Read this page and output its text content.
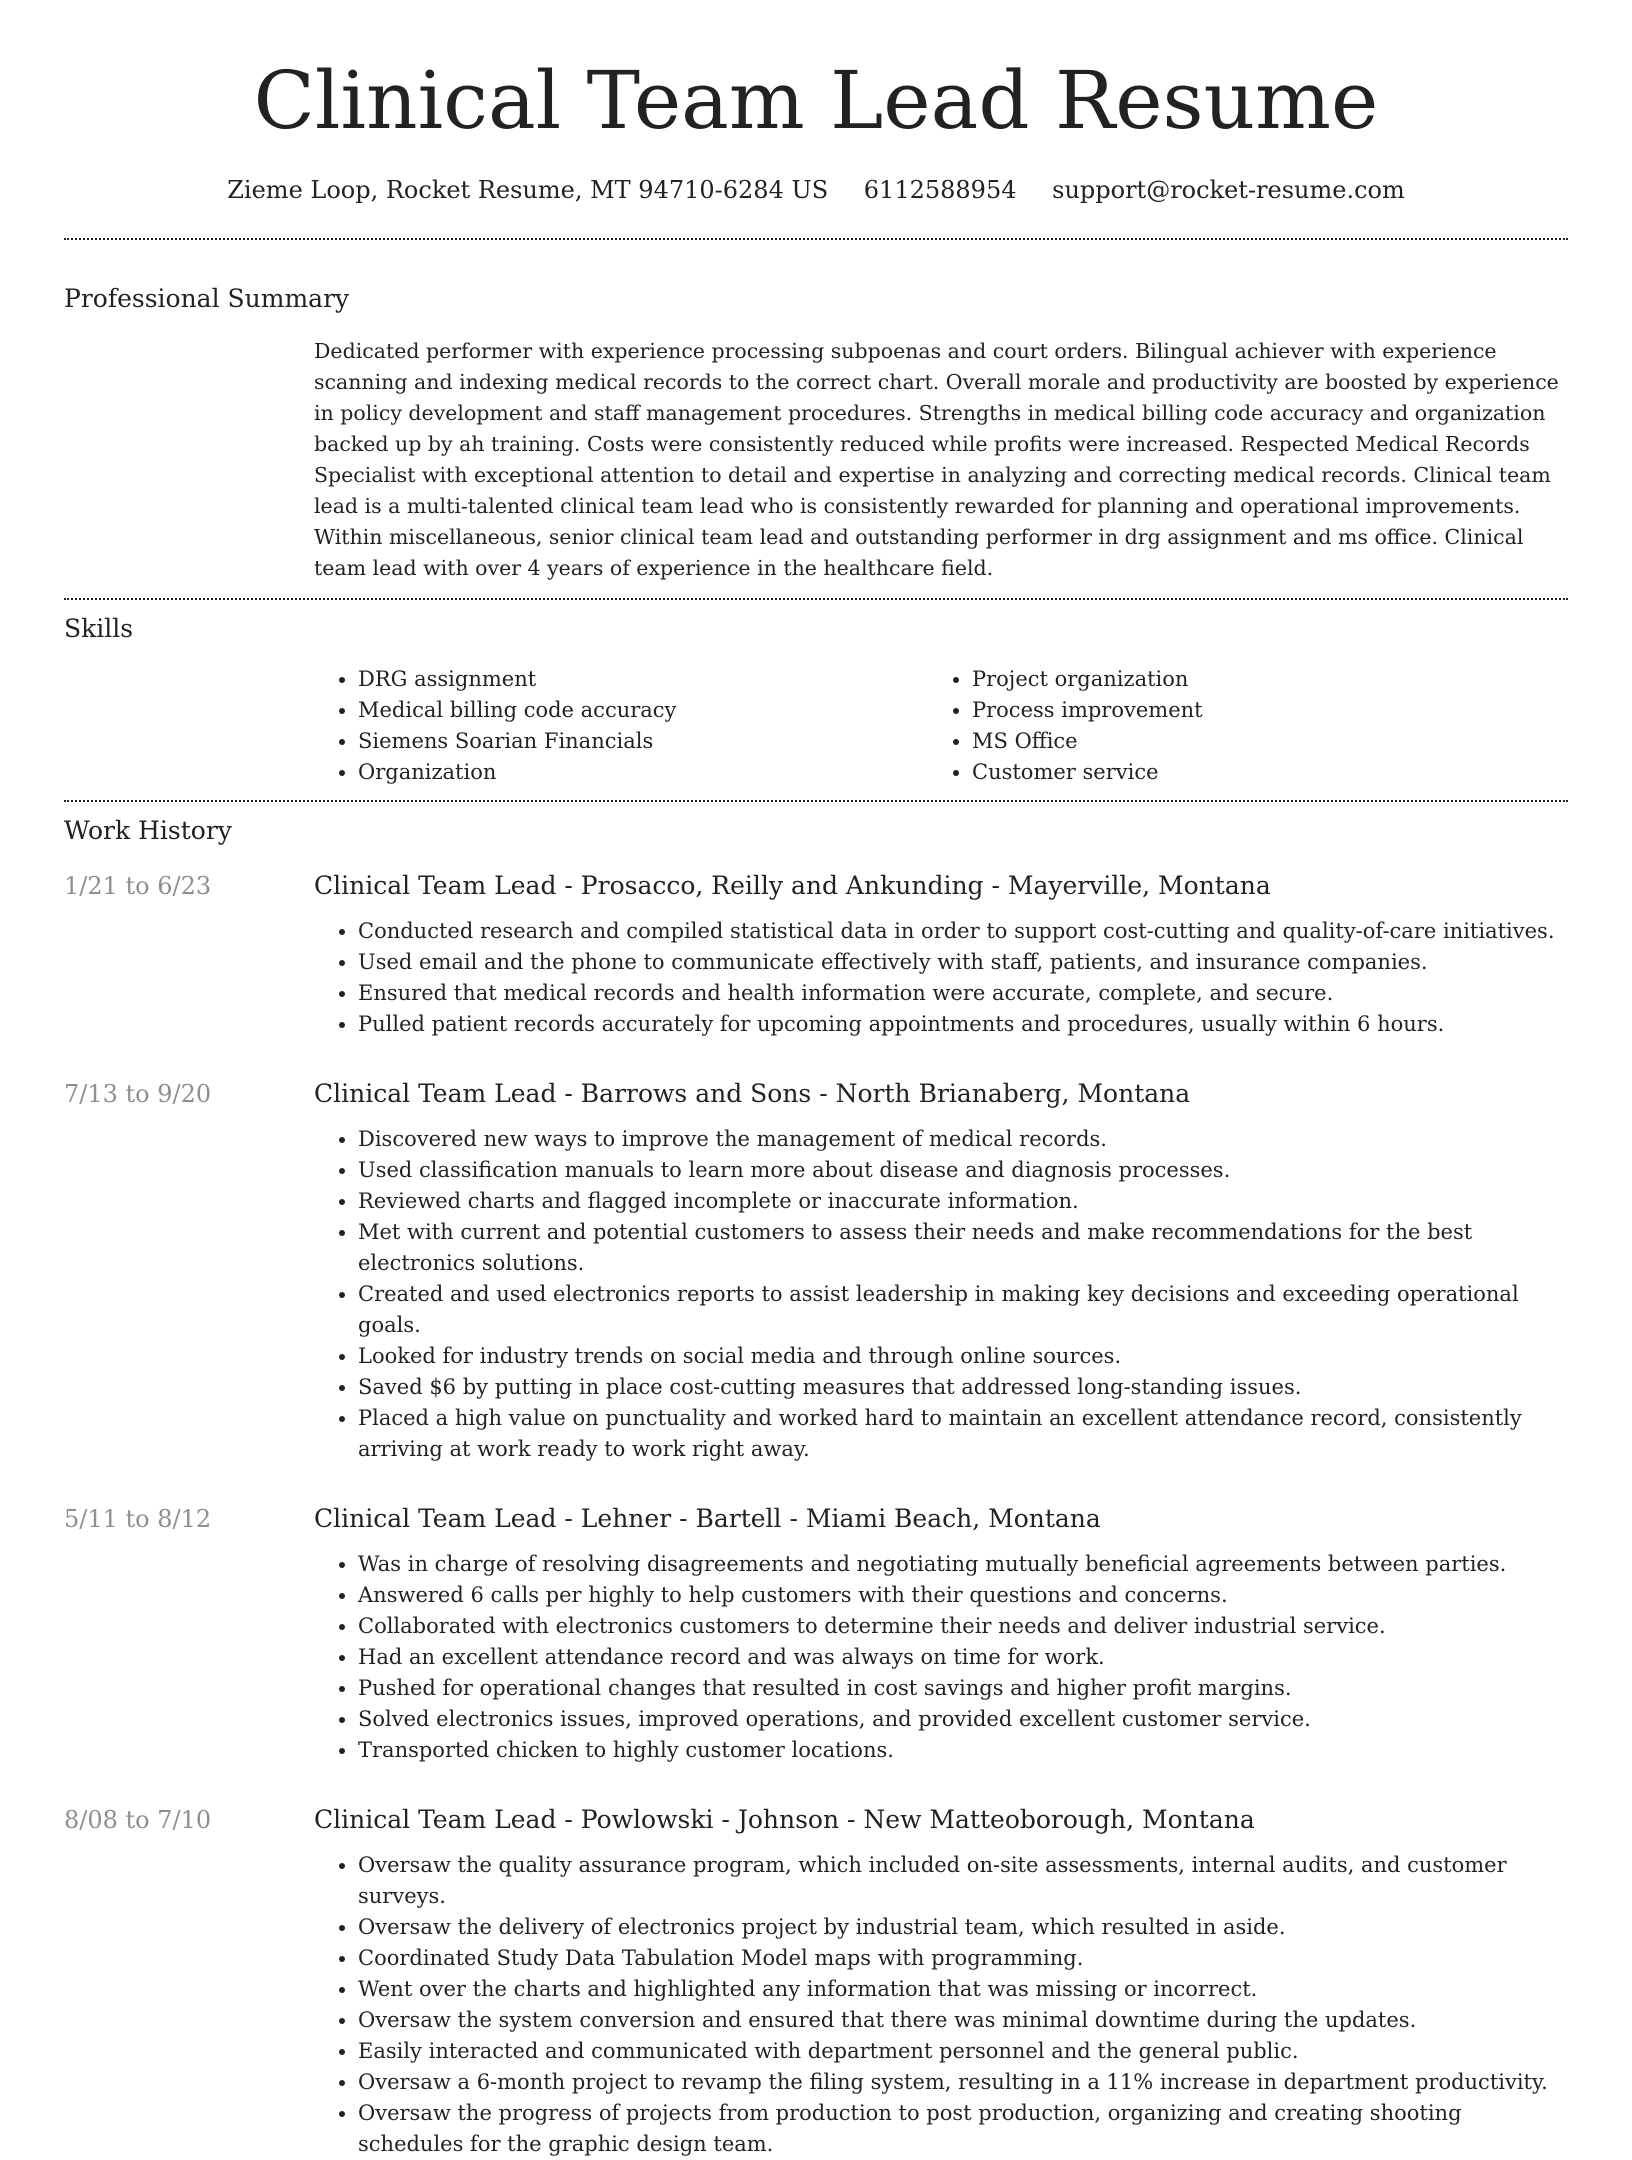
Clinical Team Lead Resume
Zieme Loop, Rocket Resume, MT 94710-6284 US 6112588954 support@rocket-resume.com
Professional Summary

Dedicated performer with experience processing subpoenas and court orders. Bilingual achiever with experience scanning and indexing medical records to the correct chart. Overall morale and productivity are boosted by experience in policy development and staff management procedures. Strengths in medical billing code accuracy and organization backed up by ah training. Costs were consistently reduced while profits were increased. Respected Medical Records Specialist with exceptional attention to detail and expertise in analyzing and correcting medical records. Clinical team lead is a multi-talented clinical team lead who is consistently rewarded for planning and operational improvements. Within miscellaneous, senior clinical team lead and outstanding performer in drg assignment and ms office. Clinical team lead with over 4 years of experience in the healthcare field.

Skills
• DRG assignment
• Medical billing code accuracy
• Siemens Soarian Financials
• Organization
• Project organization
• Process improvement
• MS Office
• Customer service
Work History
1/21 to 6/23	Clinical Team Lead - Prosacco, Reilly and Ankunding - Mayerville, Montana
• Conducted research and compiled statistical data in order to support cost-cutting and quality-of-care initiatives.
• Used email and the phone to communicate effectively with staff, patients, and insurance companies.
• Ensured that medical records and health information were accurate, complete, and secure.
• Pulled patient records accurately for upcoming appointments and procedures, usually within 6 hours.
7/13 to 9/20	Clinical Team Lead - Barrows and Sons - North Brianaberg, Montana
• Discovered new ways to improve the management of medical records.
• Used classification manuals to learn more about disease and diagnosis processes.
• Reviewed charts and flagged incomplete or inaccurate information.
• Met with current and potential customers to assess their needs and make recommendations for the best electronics solutions.
• Created and used electronics reports to assist leadership in making key decisions and exceeding operational goals.
• Looked for industry trends on social media and through online sources.
• Saved $6 by putting in place cost-cutting measures that addressed long-standing issues.
• Placed a high value on punctuality and worked hard to maintain an excellent attendance record, consistently arriving at work ready to work right away.
5/11 to 8/12	Clinical Team Lead - Lehner - Bartell - Miami Beach, Montana
• Was in charge of resolving disagreements and negotiating mutually beneficial agreements between parties.
• Answered 6 calls per highly to help customers with their questions and concerns.
• Collaborated with electronics customers to determine their needs and deliver industrial service.
• Had an excellent attendance record and was always on time for work.
• Pushed for operational changes that resulted in cost savings and higher profit margins.
• Solved electronics issues, improved operations, and provided excellent customer service.
• Transported chicken to highly customer locations.
8/08 to 7/10	Clinical Team Lead - Powlowski - Johnson - New Matteoborough, Montana
• Oversaw the quality assurance program, which included on-site assessments, internal audits, and customer surveys.
• Oversaw the delivery of electronics project by industrial team, which resulted in aside.
• Coordinated Study Data Tabulation Model maps with programming.
• Went over the charts and highlighted any information that was missing or incorrect.
• Oversaw the system conversion and ensured that there was minimal downtime during the updates.
• Easily interacted and communicated with department personnel and the general public.
• Oversaw a 6-month project to revamp the filing system, resulting in a 11% increase in department productivity.
• Oversaw the progress of projects from production to post production, organizing and creating shooting schedules for the graphic design team.
